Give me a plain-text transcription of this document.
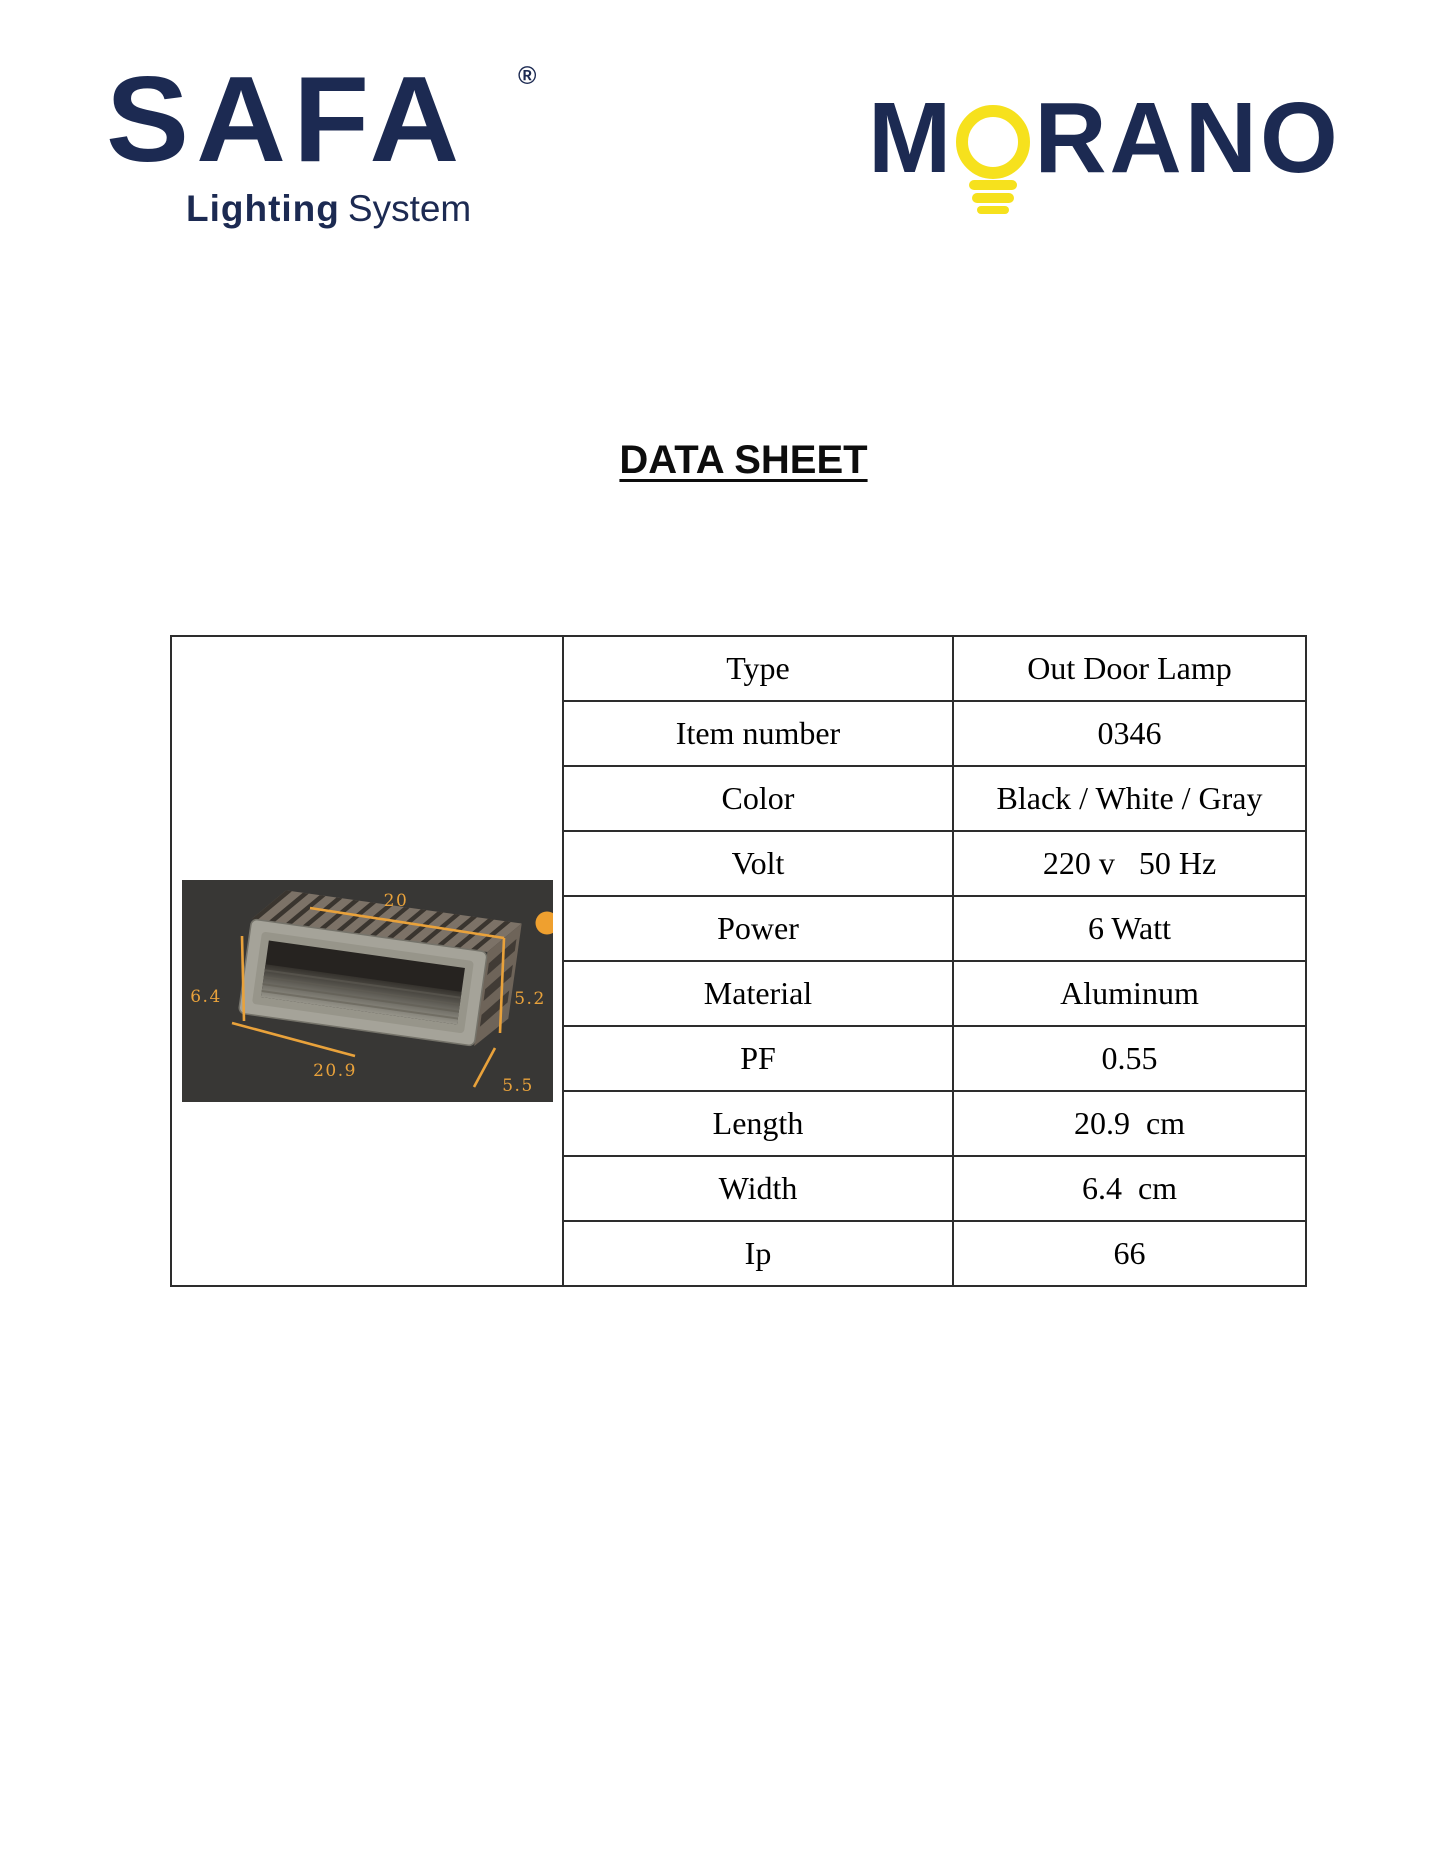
SAFA ®
Lighting System
M RANO
DATA SHEET
20
5.2
5.5
6.4
20.9
Type	Out Door Lamp
Item number	0346
Color	Black / White / Gray
Volt	220 v   50 Hz
Power	6 Watt
Material	Aluminum
PF	0.55
Length	20.9  cm
Width	6.4  cm
Ip	66
